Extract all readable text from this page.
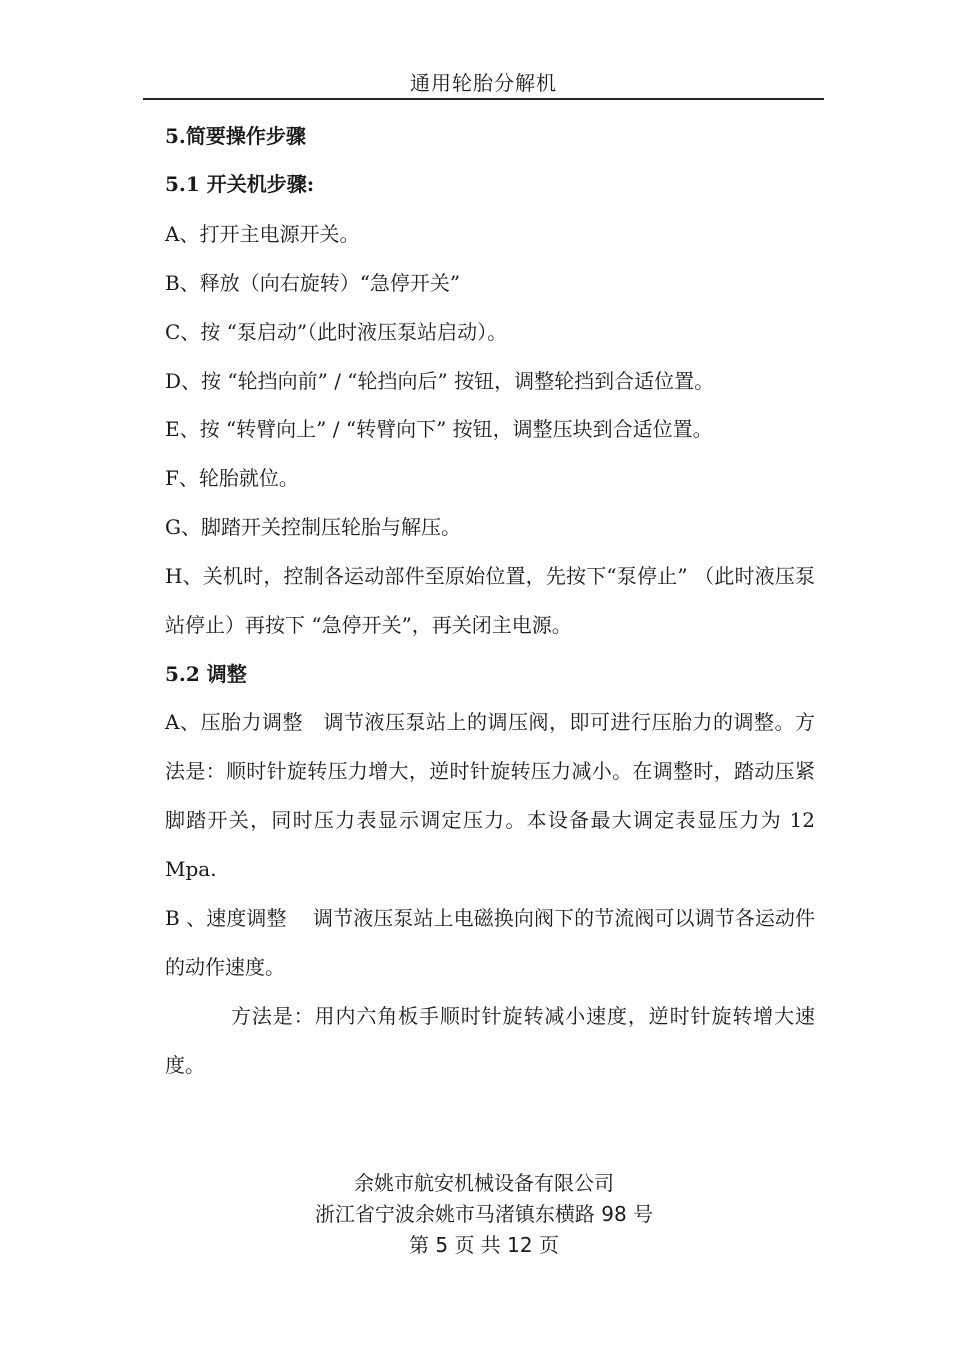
通用轮胎分解机
5.简要操作步骤
5.1 开关机步骤:
A、打开主电源开关。
B、释放（向右旋转）“急停开关”
C、按 “泵启动”（此时液压泵站启动）。
D、按 “轮挡向前” / “轮挡向后” 按钮，调整轮挡到合适位置。
E、按 “转臂向上” / “转臂向下” 按钮，调整压块到合适位置。
F、轮胎就位。
G、脚踏开关控制压轮胎与解压。
H、关机时，控制各运动部件至原始位置，先按下“泵停止” （此时液压泵站停止）再按下 “急停开关”，再关闭主电源。
5.2 调整
A、压胎力调整　调节液压泵站上的调压阀，即可进行压胎力的调整。方法是：顺时针旋转压力增大，逆时针旋转压力减小。在调整时，踏动压紧脚踏开关，同时压力表显示调定压力。本设备最大调定表显压力为 12 Mpa.
B 、速度调整　 调节液压泵站上电磁换向阀下的节流阀可以调节各运动件的动作速度。
方法是：用内六角板手顺时针旋转减小速度，逆时针旋转增大速度。
余姚市航安机械设备有限公司
浙江省宁波余姚市马渚镇东横路 98 号
第 5 页 共 12 页
